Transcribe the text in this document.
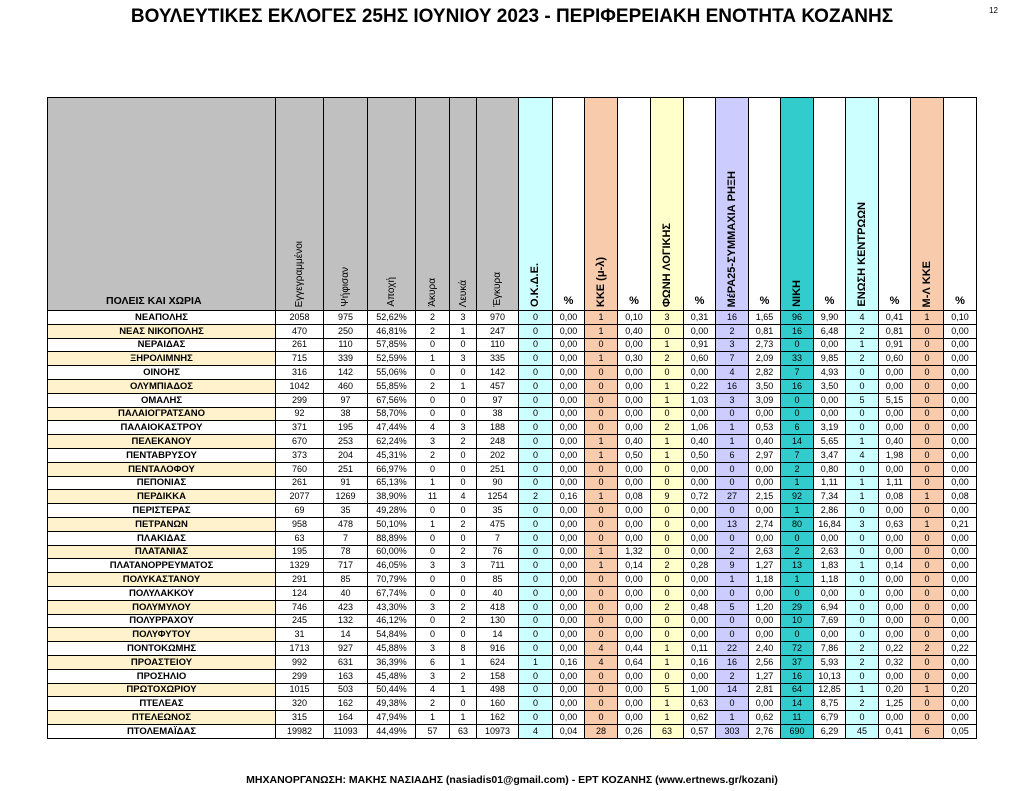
ΒΟΥΛΕΥΤΙΚΕΣ ΕΚΛΟΓΕΣ 25ΗΣ ΙΟΥΝΙΟΥ 2023 - ΠΕΡΙΦΕΡΕΙΑΚΗ ΕΝΟΤΗΤΑ ΚΟΖΑΝΗΣ	12
ΠΟΛΕΙΣ ΚΑΙ ΧΩΡΙΑ	Εγγεγραμμένοι	Ψήφισαν	Αποχή	Άκυρα	Λευκά	Έγκυρα	Ο.Κ.Δ.Ε.	%	ΚΚΕ (μ-λ)	%	ΦΩΝΗ ΛΟΓΙΚΗΣ	%	ΜέΡΑ25-ΣΥΜΜΑΧΙΑ ΡΗΞΗ	%	ΝΙΚΗ	%	ΕΝΩΣΗ ΚΕΝΤΡΩΩΝ	%	Μ-Λ ΚΚΕ	%
ΝΕΑΠΟΛΗΣ	2058	975	52,62%	2	3	970	0	0,00	1	0,10	3	0,31	16	1,65	96	9,90	4	0,41	1	0,10
ΝΕΑΣ ΝΙΚΟΠΟΛΗΣ	470	250	46,81%	2	1	247	0	0,00	1	0,40	0	0,00	2	0,81	16	6,48	2	0,81	0	0,00
ΝΕΡΑΙΔΑΣ	261	110	57,85%	0	0	110	0	0,00	0	0,00	1	0,91	3	2,73	0	0,00	1	0,91	0	0,00
ΞΗΡΟΛΙΜΝΗΣ	715	339	52,59%	1	3	335	0	0,00	1	0,30	2	0,60	7	2,09	33	9,85	2	0,60	0	0,00
ΟΙΝΟΗΣ	316	142	55,06%	0	0	142	0	0,00	0	0,00	0	0,00	4	2,82	7	4,93	0	0,00	0	0,00
ΟΛΥΜΠΙΑΔΟΣ	1042	460	55,85%	2	1	457	0	0,00	0	0,00	1	0,22	16	3,50	16	3,50	0	0,00	0	0,00
ΟΜΑΛΗΣ	299	97	67,56%	0	0	97	0	0,00	0	0,00	1	1,03	3	3,09	0	0,00	5	5,15	0	0,00
ΠΑΛΑΙΟΓΡΑΤΣΑΝΟ	92	38	58,70%	0	0	38	0	0,00	0	0,00	0	0,00	0	0,00	0	0,00	0	0,00	0	0,00
ΠΑΛΑΙΟΚΑΣΤΡΟΥ	371	195	47,44%	4	3	188	0	0,00	0	0,00	2	1,06	1	0,53	6	3,19	0	0,00	0	0,00
ΠΕΛΕΚΑΝΟΥ	670	253	62,24%	3	2	248	0	0,00	1	0,40	1	0,40	1	0,40	14	5,65	1	0,40	0	0,00
ΠΕΝΤΑΒΡΥΣΟΥ	373	204	45,31%	2	0	202	0	0,00	1	0,50	1	0,50	6	2,97	7	3,47	4	1,98	0	0,00
ΠΕΝΤΑΛΟΦΟΥ	760	251	66,97%	0	0	251	0	0,00	0	0,00	0	0,00	0	0,00	2	0,80	0	0,00	0	0,00
ΠΕΠΟΝΙΑΣ	261	91	65,13%	1	0	90	0	0,00	0	0,00	0	0,00	0	0,00	1	1,11	1	1,11	0	0,00
ΠΕΡΔΙΚΚΑ	2077	1269	38,90%	11	4	1254	2	0,16	1	0,08	9	0,72	27	2,15	92	7,34	1	0,08	1	0,08
ΠΕΡΙΣΤΕΡΑΣ	69	35	49,28%	0	0	35	0	0,00	0	0,00	0	0,00	0	0,00	1	2,86	0	0,00	0	0,00
ΠΕΤΡΑΝΩΝ	958	478	50,10%	1	2	475	0	0,00	0	0,00	0	0,00	13	2,74	80	16,84	3	0,63	1	0,21
ΠΛΑΚΙΔΑΣ	63	7	88,89%	0	0	7	0	0,00	0	0,00	0	0,00	0	0,00	0	0,00	0	0,00	0	0,00
ΠΛΑΤΑΝΙΑΣ	195	78	60,00%	0	2	76	0	0,00	1	1,32	0	0,00	2	2,63	2	2,63	0	0,00	0	0,00
ΠΛΑΤΑΝΟΡΡΕΥΜΑΤΟΣ	1329	717	46,05%	3	3	711	0	0,00	1	0,14	2	0,28	9	1,27	13	1,83	1	0,14	0	0,00
ΠΟΛΥΚΑΣΤΑΝΟΥ	291	85	70,79%	0	0	85	0	0,00	0	0,00	0	0,00	1	1,18	1	1,18	0	0,00	0	0,00
ΠΟΛΥΛΑΚΚΟΥ	124	40	67,74%	0	0	40	0	0,00	0	0,00	0	0,00	0	0,00	0	0,00	0	0,00	0	0,00
ΠΟΛΥΜΥΛΟΥ	746	423	43,30%	3	2	418	0	0,00	0	0,00	2	0,48	5	1,20	29	6,94	0	0,00	0	0,00
ΠΟΛΥΡΡΑΧΟΥ	245	132	46,12%	0	2	130	0	0,00	0	0,00	0	0,00	0	0,00	10	7,69	0	0,00	0	0,00
ΠΟΛΥΦΥΤΟΥ	31	14	54,84%	0	0	14	0	0,00	0	0,00	0	0,00	0	0,00	0	0,00	0	0,00	0	0,00
ΠΟΝΤΟΚΩΜΗΣ	1713	927	45,88%	3	8	916	0	0,00	4	0,44	1	0,11	22	2,40	72	7,86	2	0,22	2	0,22
ΠΡΟΑΣΤΕΙΟΥ	992	631	36,39%	6	1	624	1	0,16	4	0,64	1	0,16	16	2,56	37	5,93	2	0,32	0	0,00
ΠΡΟΣΗΛΙΟ	299	163	45,48%	3	2	158	0	0,00	0	0,00	0	0,00	2	1,27	16	10,13	0	0,00	0	0,00
ΠΡΩΤΟΧΩΡΙΟΥ	1015	503	50,44%	4	1	498	0	0,00	0	0,00	5	1,00	14	2,81	64	12,85	1	0,20	1	0,20
ΠΤΕΛΕΑΣ	320	162	49,38%	2	0	160	0	0,00	0	0,00	1	0,63	0	0,00	14	8,75	2	1,25	0	0,00
ΠΤΕΛΕΩΝΟΣ	315	164	47,94%	1	1	162	0	0,00	0	0,00	1	0,62	1	0,62	11	6,79	0	0,00	0	0,00
ΠΤΟΛΕΜΑΪΔΑΣ	19982	11093	44,49%	57	63	10973	4	0,04	28	0,26	63	0,57	303	2,76	690	6,29	45	0,41	6	0,05
ΜΗΧΑΝΟΡΓΑΝΩΣΗ: ΜΑΚΗΣ ΝΑΣΙΑΔΗΣ (nasiadis01@gmail.com) - ΕΡΤ ΚΟΖΑΝΗΣ (www.ertnews.gr/kozani)
